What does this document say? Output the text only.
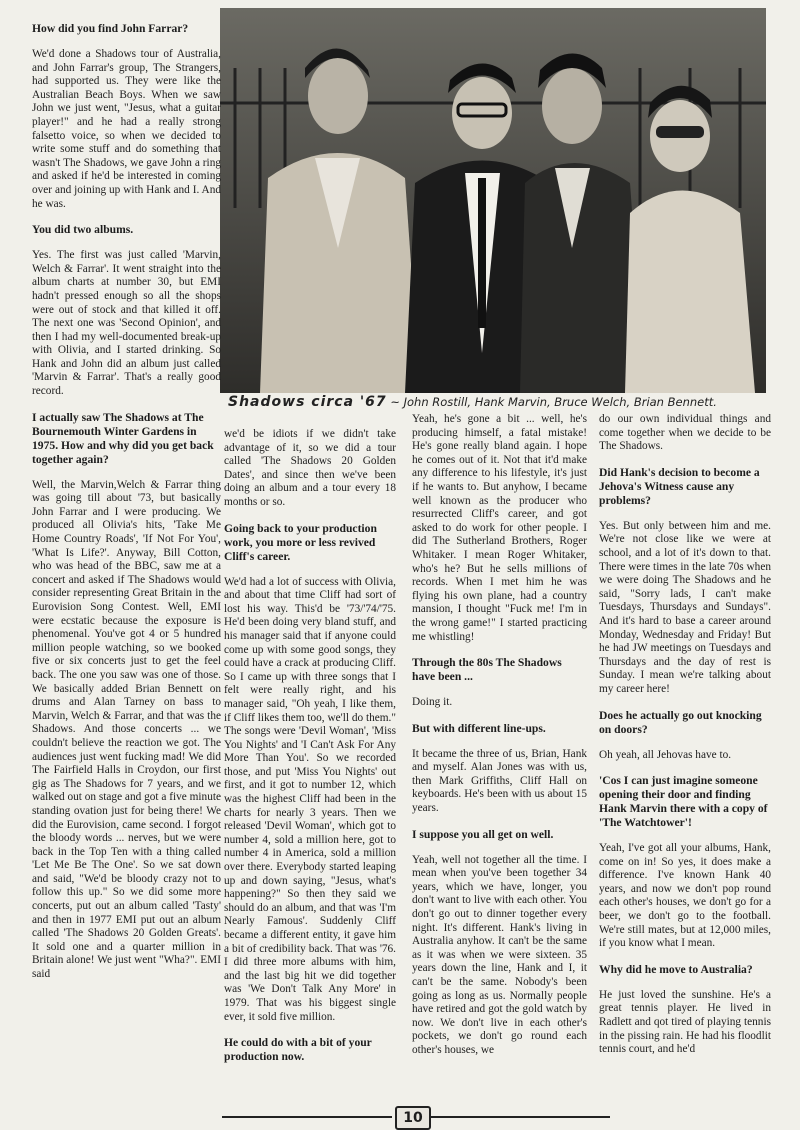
Shadows circa '67 ~ John Rostill, Hank Marvin, Bruce Welch, Brian Bennett.
How did you find John Farrar?

We'd done a Shadows tour of Australia, and John Farrar's group, The Strangers, had supported us. They were like the Australian Beach Boys. When we saw John we just went, "Jesus, what a guitar player!" and he had a really strong falsetto voice, so when we decided to write some stuff and do something that wasn't The Shadows, we gave John a ring and asked if he'd be interested in coming over and joining up with Hank and I. And he was.

You did two albums.

Yes. The first was just called 'Marvin, Welch & Farrar'. It went straight into the album charts at number 30, but EMI hadn't pressed enough so all the shops were out of stock and that killed it off. The next one was 'Second Opinion', and then I had my well-documented break-up with Olivia, and I started drinking. So Hank and John did an album just called 'Marvin & Farrar'. That's a really good record.

I actually saw The Shadows at The Bournemouth Winter Gardens in 1975. How and why did you get back together again?

Well, the Marvin,Welch & Farrar thing was going till about '73, but basically John Farrar and I were producing. We produced all Olivia's hits, 'Take Me Home Country Roads', 'If Not For You', 'What Is Life?'. Anyway, Bill Cotton, who was head of the BBC, saw me at a concert and asked if The Shadows would consider representing Great Britain in the Eurovision Song Contest. Well, EMI were ecstatic because the exposure is phenomenal. You've got 4 or 5 hundred million people watching, so we booked five or six concerts just to get the feel back. The one you saw was one of those. We basically added Brian Bennett on drums and Alan Tarney on bass to Marvin, Welch & Farrar, and that was the Shadows. And those concerts ... we couldn't believe the reaction we got. The audiences just went fucking mad! We did The Fairfield Halls in Croydon, our first gig as The Shadows for 7 years, and we walked out on stage and got a five minute standing ovation just for being there! We did the Eurovision, came second. I forgot the bloody words ... nerves, but we were back in the Top Ten with a thing called 'Let Me Be The One'. So we sat down and said, "We'd be bloody crazy not to follow this up." So we did some more concerts, put out an album called 'Tasty' and then in 1977 EMI put out an album called 'The Shadows 20 Golden Greats'. It sold one and a quarter million in Britain alone! We just went "Wha?". EMI said

we'd be idiots if we didn't take advantage of it, so we did a tour called 'The Shadows 20 Golden Dates', and since then we've been doing an album and a tour every 18 months or so.

Going back to your production work, you more or less revived Cliff's career.

We'd had a lot of success with Olivia, and about that time Cliff had sort of lost his way. This'd be '73/'74/'75. He'd been doing very bland stuff, and his manager said that if anyone could come up with some good songs, they could have a crack at producing Cliff. So I came up with three songs that I felt were really right, and his manager said, "Oh yeah, I like them, if Cliff likes them too, we'll do them." The songs were 'Devil Woman', 'Miss You Nights' and 'I Can't Ask For Any More Than You'. So we recorded those, and put 'Miss You Nights' out first, and it got to number 12, which was the highest Cliff had been in the charts for nearly 3 years. Then we released 'Devil Woman', which got to number 4, sold a million here, got to number 4 in America, sold a million over there. Everybody started leaping up and down saying, "Jesus, what's happening?" So then they said we should do an album, and that was 'I'm Nearly Famous'. Suddenly Cliff became a different entity, it gave him a bit of credibility back. That was '76. I did three more albums with him, and the last big hit we did together was 'We Don't Talk Any More' in 1979. That was his biggest single ever, it sold five million.

He could do with a bit of your production now.

Yeah, he's gone a bit ... well, he's producing himself, a fatal mistake! He's gone really bland again. I hope he comes out of it. Not that it'd make any difference to his lifestyle, it's just if he wants to. But anyhow, I became well known as the producer who resurrected Cliff's career, and got asked to do work for other people. I did The Sutherland Brothers, Roger Whitaker. I mean Roger Whitaker, who's he? But he sells millions of records. When I met him he was flying his own plane, had a country mansion, I thought "Fuck me! I'm in the wrong game!" I started practicing me whistling!

Through the 80s The Shadows have been ...

Doing it.

But with different line-ups.

It became the three of us, Brian, Hank and myself. Alan Jones was with us, then Mark Griffiths, Cliff Hall on keyboards. He's been with us about 15 years.

I suppose you all get on well.

Yeah, well not together all the time. I mean when you've been together 34 years, which we have, longer, you don't want to live with each other. You don't go out to dinner together every night. It's different. Hank's living in Australia anyhow. It can't be the same as it was when we were sixteen. 35 years down the line, Hank and I, it can't be the same. Nobody's been going as long as us. Normally people have retired and got the gold watch by now. We don't live in each other's pockets, we don't go round each other's houses, we

do our own individual things and come together when we decide to be The Shadows.

Did Hank's decision to become a Jehova's Witness cause any problems?

Yes. But only between him and me. We're not close like we were at school, and a lot of it's down to that. There were times in the late 70s when we were doing The Shadows and he said, "Sorry lads, I can't make Tuesdays, Thursdays and Sundays". And it's hard to base a career around Monday, Wednesday and Friday! But he had JW meetings on Tuesdays and Thursdays and the day of rest is Sunday. I mean we're talking about my career here!

Does he actually go out knocking on doors?

Oh yeah, all Jehovas have to.

'Cos I can just imagine someone opening their door and finding Hank Marvin there with a copy of 'The Watchtower'!

Yeah, I've got all your albums, Hank, come on in! So yes, it does make a difference. I've known Hank 40 years, and now we don't pop round each other's houses, we don't go for a beer, we don't go to the football. We're still mates, but at 12,000 miles, if you know what I mean.

Why did he move to Australia?

He just loved the sunshine. He's a great tennis player. He lived in Radlett and qot tired of playing tennis in the pissing rain. He had his floodlit tennis court, and he'd

10
